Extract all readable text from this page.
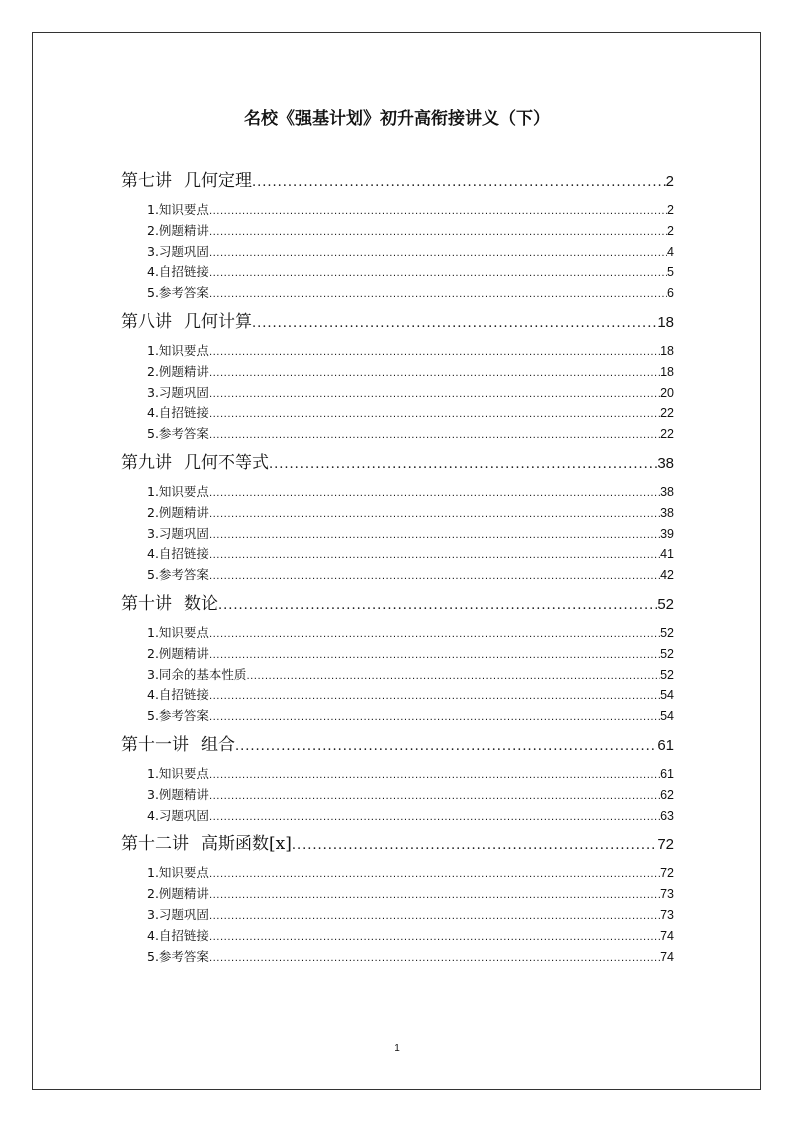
名校《强基计划》初升高衔接讲义（下）
第七讲 几何定理 .....	2
1.知识要点 .....	2
2.例题精讲 .....	2
3.习题巩固 .....	4
4.自招链接 .....	5
5.参考答案 .....	6
第八讲 几何计算 .....	18
1.知识要点 .....	18
2.例题精讲 .....	18
3.习题巩固 .....	20
4.自招链接 .....	22
5.参考答案 .....	22
第九讲 几何不等式 .....	38
1.知识要点 .....	38
2.例题精讲 .....	38
3.习题巩固 .....	39
4.自招链接 .....	41
5.参考答案 .....	42
第十讲 数论 .....	52
1.知识要点 .....	52
2.例题精讲 .....	52
3.同余的基本性质 .....	52
4.自招链接 .....	54
5.参考答案 .....	54
第十一讲 组合 .....	61
1.知识要点 .....	61
3.例题精讲 .....	62
4.习题巩固 .....	63
第十二讲 高斯函数[x] .....	72
1.知识要点 .....	72
2.例题精讲 .....	73
3.习题巩固 .....	73
4.自招链接 .....	74
5.参考答案 .....	74
1
